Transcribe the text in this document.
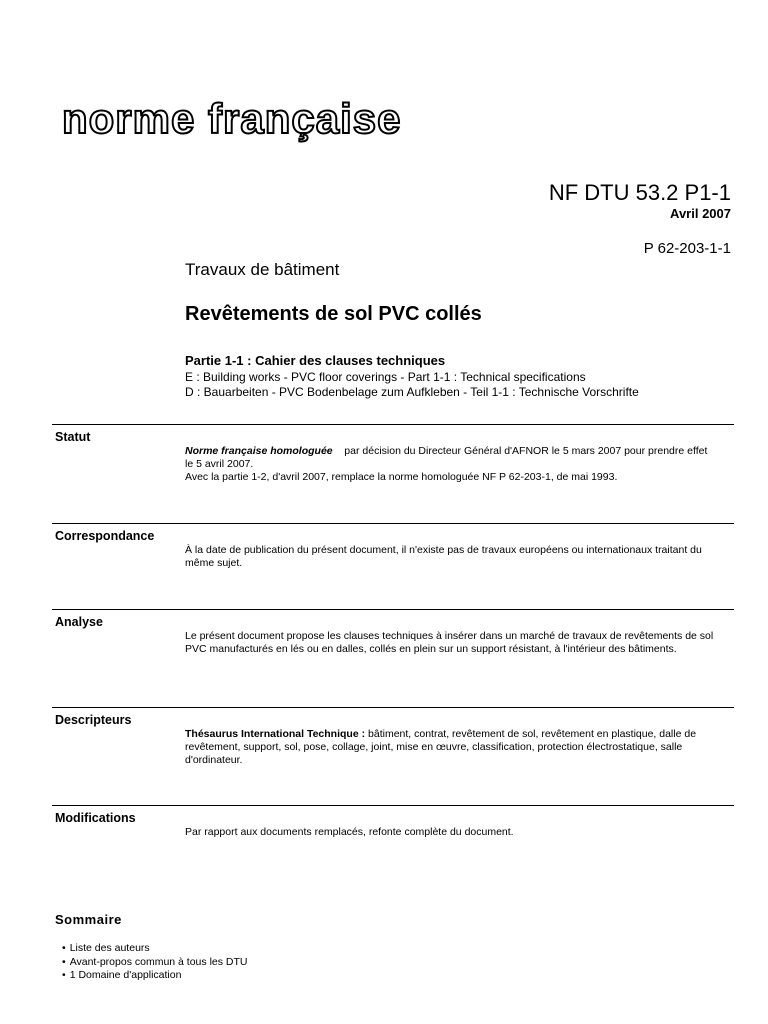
norme française
NF DTU 53.2 P1-1
Avril 2007
P 62-203-1-1
Travaux de bâtiment
Revêtements de sol PVC collés
Partie 1-1 : Cahier des clauses techniques
E : Building works - PVC floor coverings - Part 1-1 : Technical specifications
D : Bauarbeiten - PVC Bodenbelage zum Aufkleben - Teil 1-1 : Technische Vorschrifte
Statut

Norme française homologuée par décision du Directeur Général d'AFNOR le 5 mars 2007 pour prendre effet le 5 avril 2007.

Avec la partie 1-2, d'avril 2007, remplace la norme homologuée NF P 62-203-1, de mai 1993.

Correspondance

À la date de publication du présent document, il n'existe pas de travaux européens ou internationaux traitant du même sujet.

Analyse

Le présent document propose les clauses techniques à insérer dans un marché de travaux de revêtements de sol PVC manufacturés en lés ou en dalles, collés en plein sur un support résistant, à l'intérieur des bâtiments.

Descripteurs

Thésaurus International Technique : bâtiment, contrat, revêtement de sol, revêtement en plastique, dalle de revêtement, support, sol, pose, collage, joint, mise en œuvre, classification, protection électrostatique, salle d'ordinateur.

Modifications

Par rapport aux documents remplacés, refonte complète du document.

Sommaire
• Liste des auteurs
• Avant-propos commun à tous les DTU
• 1 Domaine d'application
